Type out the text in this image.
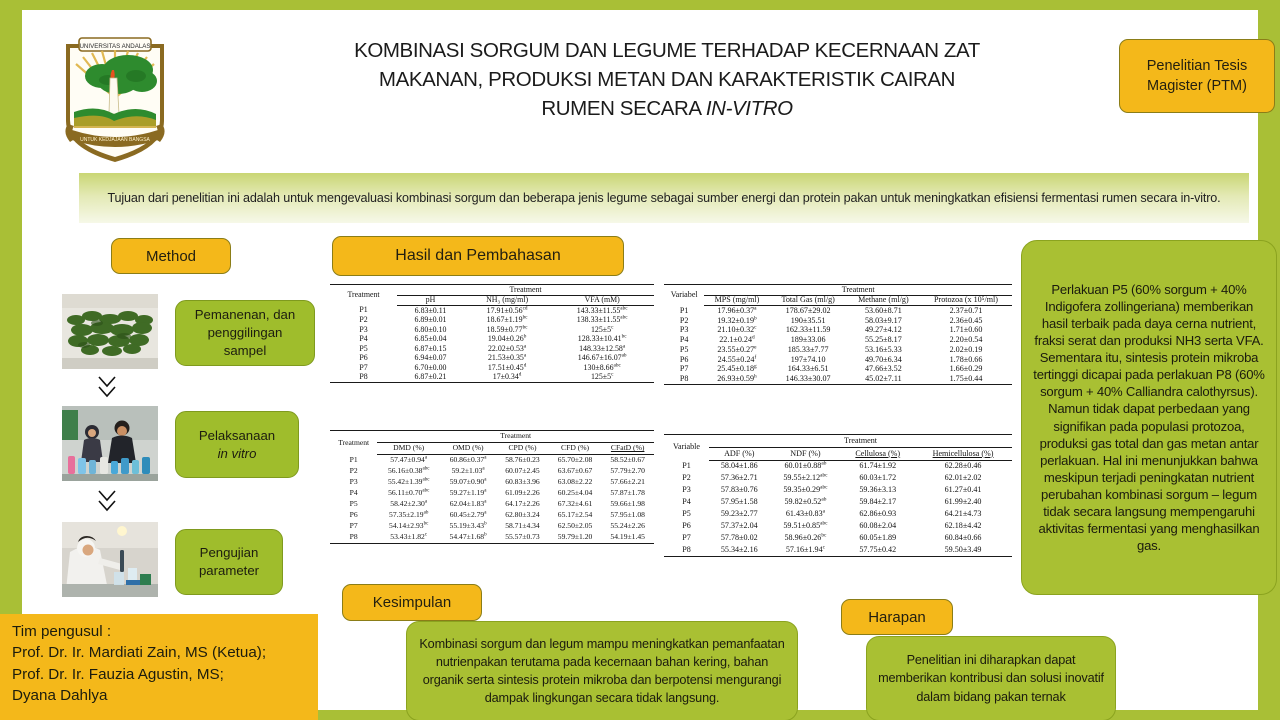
UNIVERSITAS ANDALAS
UNTUK KEDJAJAAN BANGSA
KOMBINASI SORGUM DAN LEGUME TERHADAP KECERNAAN ZAT
MAKANAN, PRODUKSI METAN DAN KARAKTERISTIK CAIRAN
RUMEN SECARA IN-VITRO
Penelitian Tesis Magister (PTM)
Tujuan dari penelitian ini adalah untuk mengevaluasi kombinasi sorgum dan beberapa jenis legume sebagai sumber energi dan protein pakan untuk meningkatkan efisiensi fermentasi rumen secara in-vitro.
Method	Hasil dan Pembahasan
Kesimpulan
Harapan
Pemanenan, dan
penggilingan
sampel
Pelaksanaan
in vitro
Pengujian
parameter
Treatment	Treatment		
	pH	NH₃ (mg/ml)	VFA (mM)
P1	6.83±0.11	17.91±0.56$^{cd}$	143.33±11.55$^{abc}$
P2	6.89±0.01	18.67±1.19$^{bc}$	138.33±11.55$^{abc}$
P3	6.80±0.10	18.59±0.77$^{bc}$	$125\pm 5^c$
P4	6.85±0.04	19.04±0.26$^b$	128.33±10.41$^{bc}$
P5	6.87±0.15	22.02±0.53$^a$	148.33±12.58$^a$
P6	6.94±0.07	21.53±0.35$^a$	146.67±16.07$^{ab}$
P7	6.70±0.00	17.51±0.45$^d$	130±8.66$^{abc}$
P8	6.87±0.21	17±0.34$^d$	$125\pm 5^c$
Variabel	Treatment			
	MPS (mg/ml)	Total Gas (ml/g)	Methane (ml/g)	Protozoa (x 10⁵/ml)
P1	17.96±0.37$^a$	178.67±29.02	53.60±8.71	2.37±0.71
P2	19.32±0.19$^b$	190±35.51	58.03±9.17	2.36±0.45
P3	21.10±0.32$^c$	162.33±11.59	49.27±4.12	1.71±0.60
P4	22.1±0.24$^d$	189±33.06	55.25±8.17	2.20±0.54
P5	23.55±0.27$^e$	185.33±7.77	53.16±5.33	2.02±0.19
P6	24.55±0.24$^f$	197±74.10	49.70±6.34	1.78±0.66
P7	25.45±0.18$^g$	164.33±6.51	47.66±3.52	1.66±0.29
P8	26.93±0.59$^h$	146.33±30.07	45.02±7.11	1.75±0.44
Treatment	Treatment				
	DMD (%)	OMD (%)	CPD (%)	CFD (%)	CFatD (%)
P1	57.47±0.94$^a$	60.86±0.37$^a$	58.76±0.23	65.70±2.08	58.52±0.67
P2	56.16±0.38$^{abc}$	59.2±1.03$^a$	60.07±2.45	63.67±0.67	57.79±2.70
P3	55.42±1.39$^{abc}$	59.07±0.90$^a$	60.83±3.96	63.08±2.22	57.66±2.21
P4	56.11±0.70$^{abc}$	59.27±1.19$^a$	61.09±2.26	60.25±4.04	57.87±1.78
P5	58.42±2.30$^a$	62.04±1.83$^a$	64.17±2.26	67.32±4.61	59.66±1.98
P6	57.35±2.19$^{ab}$	60.45±2.79$^a$	62.80±3.24	65.17±2.54	57.95±1.08
P7	54.14±2.93$^{bc}$	55.19±3.43$^b$	58.71±4.34	62.50±2.05	55.24±2.26
P8	53.43±1.82$^c$	54.47±1.68$^b$	55.57±0.73	59.79±1.20	54.19±1.45
Variable	Treatment			
	ADF (%)	NDF (%)	Cellulosa (%)	Hemicellulosa (%)
P1	58.04±1.86	60.01±0.88$^{ab}$	61.74±1.92	62.28±0.46
P2	57.36±2.71	59.55±2.12$^{abc}$	60.03±1.72	62.01±2.02
P3	57.83±0.76	59.35±0.29$^{abc}$	59.36±3.13	61.27±0.41
P4	57.95±1.58	59.82±0.52$^{ab}$	59.84±2.17	61.99±2.40
P5	59.23±2.77	61.43±0.83$^a$	62.86±0.93	64.21±4.73
P6	57.37±2.04	59.51±0.85$^{abc}$	60.08±2.04	62.18±4.42
P7	57.78±0.02	58.96±0.26$^{bc}$	60.05±1.89	60.84±0.66
P8	55.34±2.16	57.16±1.94$^c$	57.75±0.42	59.50±3.49
Perlakuan P5 (60% sorgum + 40% Indigofera zollingeriana) memberikan hasil terbaik pada daya cerna nutrient, fraksi serat dan produksi NH3 serta VFA. Sementara itu, sintesis protein mikroba tertinggi dicapai pada perlakuan P8 (60% sorgum + 40% Calliandra calothyrsus). Namun tidak dapat perbedaan yang signifikan pada populasi protozoa, produksi gas total dan gas metan antar perlakuan. Hal ini menunjukkan bahwa meskipun terjadi peningkatan nutrient perubahan kombinasi sorgum – legum tidak secara langsung mempengaruhi aktivitas fermentasi yang menghasilkan gas.
Kombinasi sorgum dan legum mampu meningkatkan pemanfaatan nutrienpakan terutama pada kecernaan bahan kering, bahan organik serta sintesis protein mikroba dan berpotensi mengurangi dampak lingkungan secara tidak langsung.
Penelitian ini diharapkan dapat memberikan kontribusi dan solusi inovatif dalam bidang pakan ternak
Tim pengusul :
Prof. Dr. Ir. Mardiati Zain, MS (Ketua);
Prof. Dr. Ir. Fauzia Agustin, MS;
Dyana Dahlya
